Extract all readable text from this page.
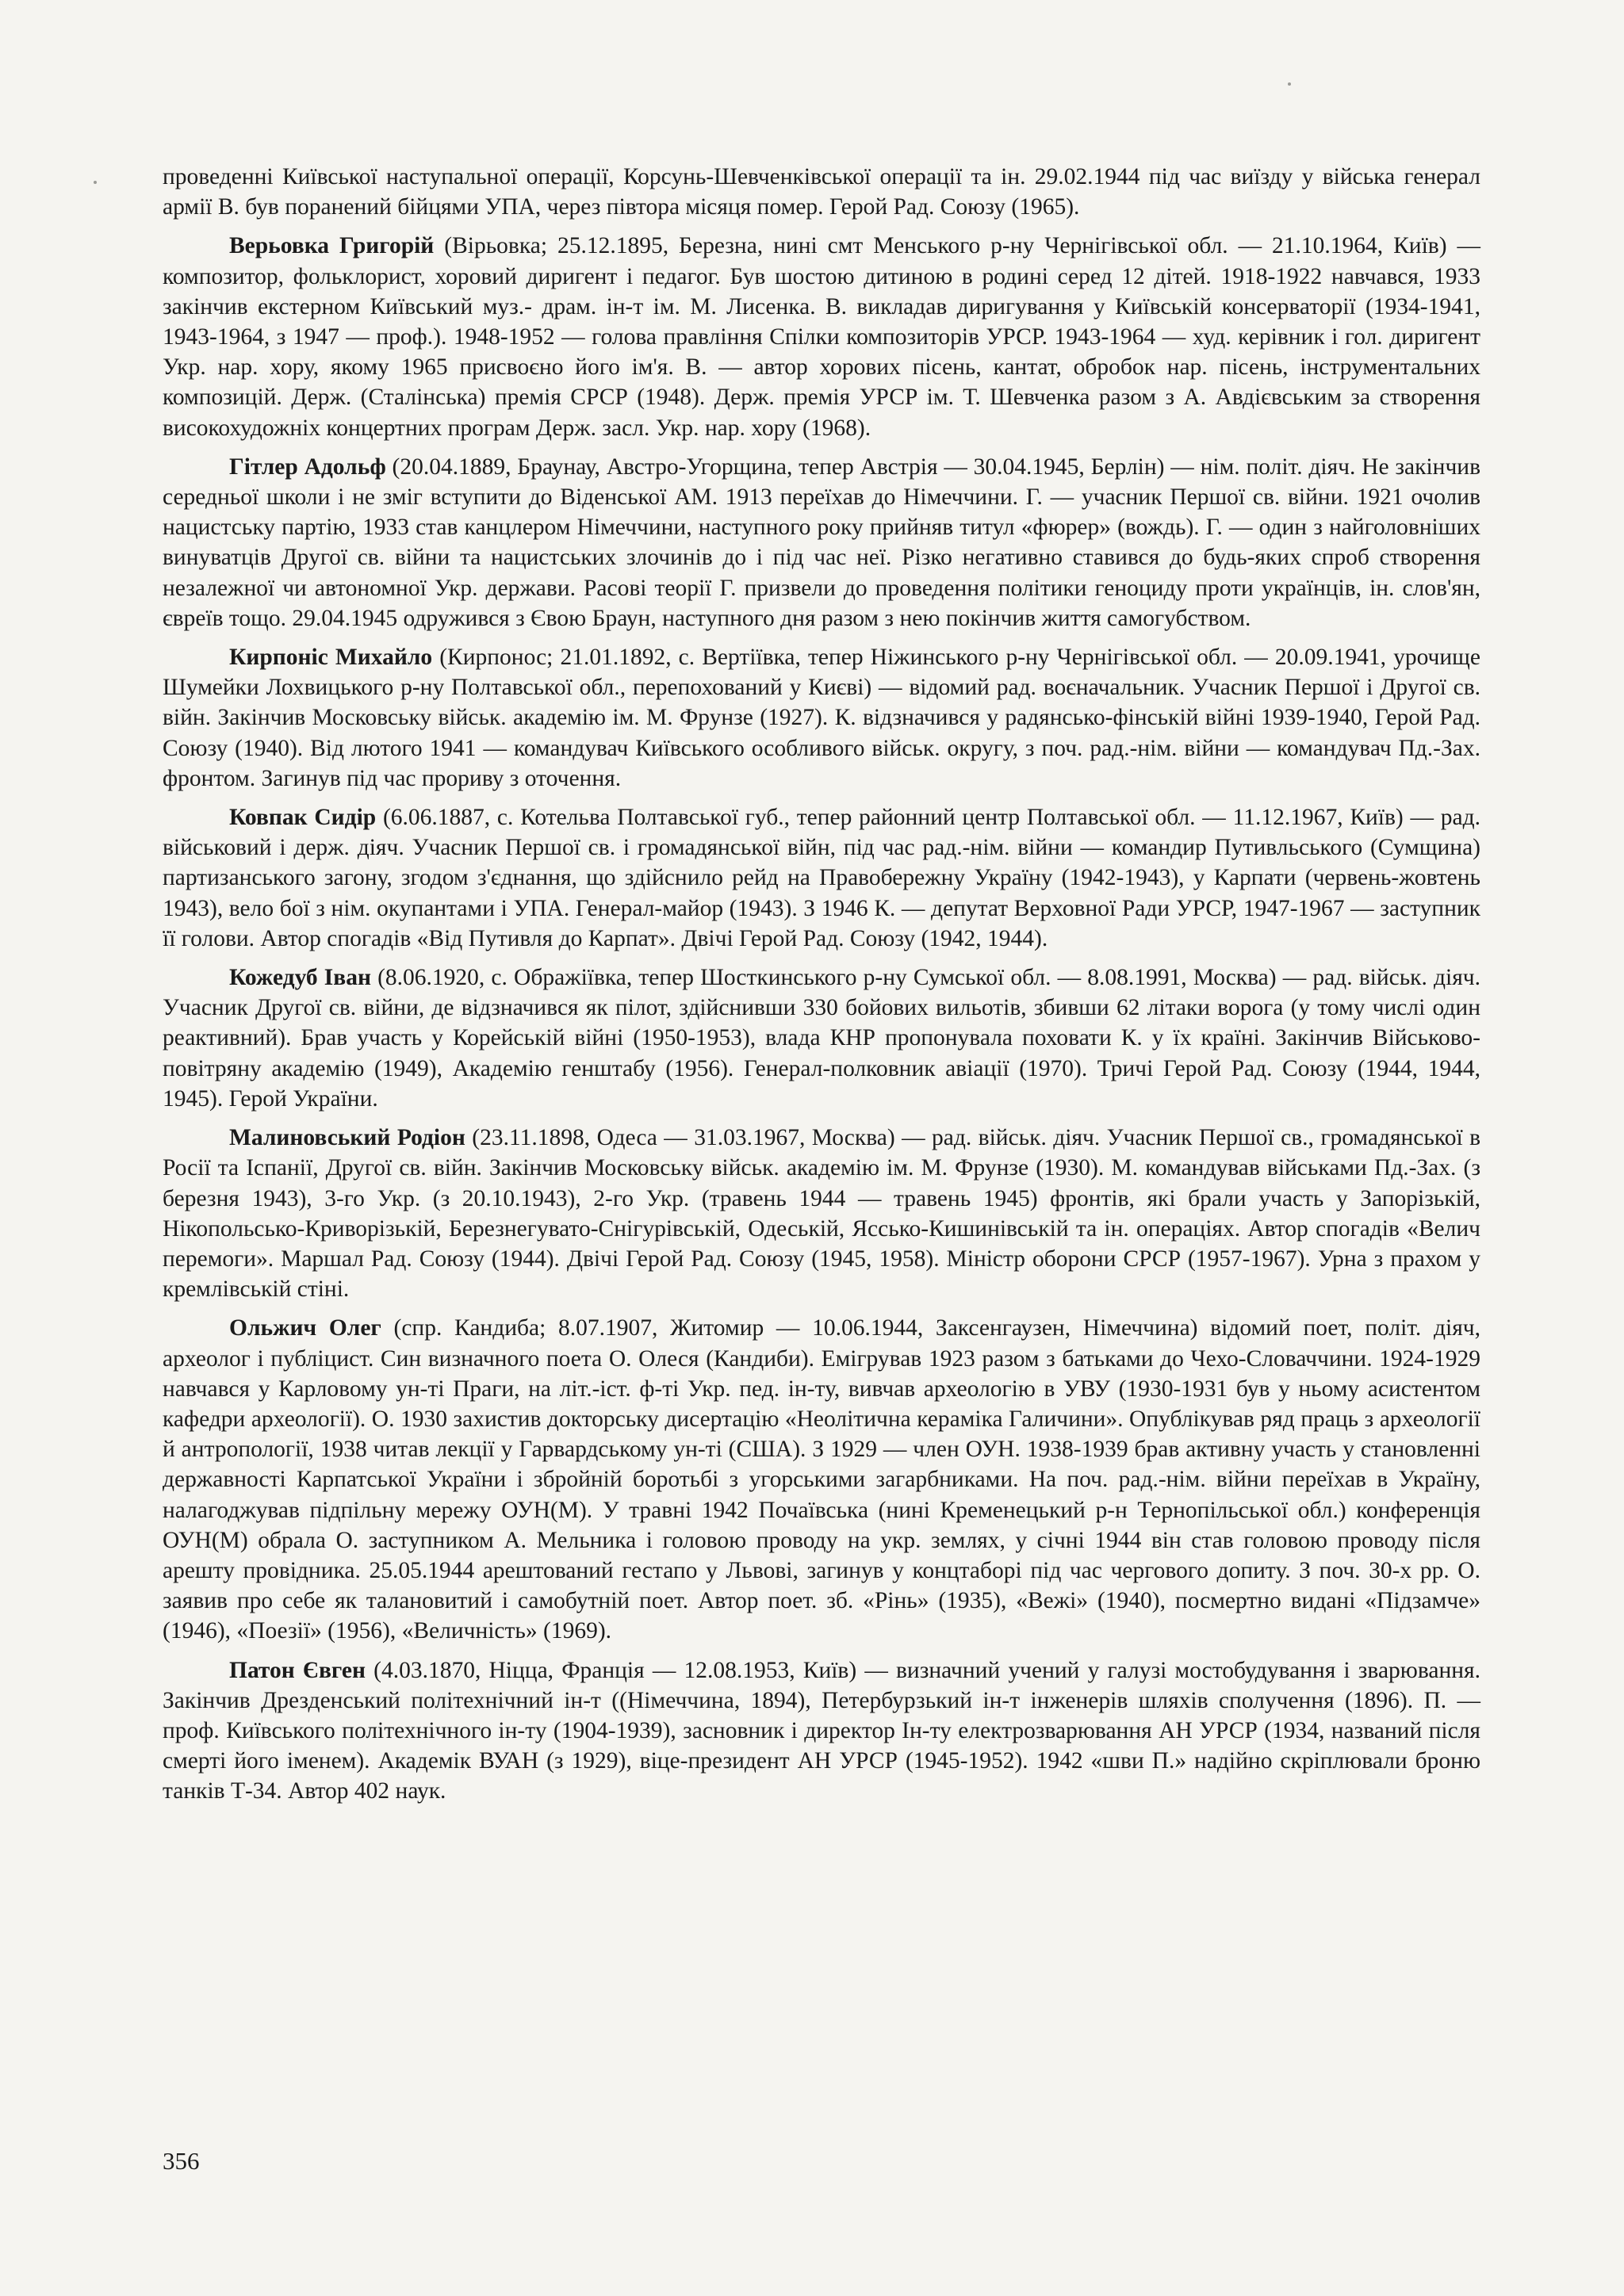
проведенні Київської наступальної операції, Корсунь-Шевченківської операції та ін. 29.02.1944 під час виїзду у війська генерал армії В. був поранений бійцями УПА, через півтора місяця помер. Герой Рад. Союзу (1965).

Верьовка Григорій (Вірьовка; 25.12.1895, Березна, нині смт Менського р-ну Чернігівської обл. — 21.10.1964, Київ) — композитор, фольклорист, хоровий диригент і педагог. Був шостою дитиною в родині серед 12 дітей. 1918-1922 навчався, 1933 закінчив екстерном Київський муз.- драм. ін-т ім. М. Лисенка. В. викладав диригування у Київській консерваторії (1934-1941, 1943-1964, з 1947 — проф.). 1948-1952 — голова правління Спілки композиторів УРСР. 1943-1964 — худ. керівник і гол. диригент Укр. нар. хору, якому 1965 присвоєно його ім'я. В. — автор хорових пісень, кантат, обробок нар. пісень, інструментальних композицій. Держ. (Сталінська) премія СРСР (1948). Держ. премія УРСР ім. Т. Шевченка разом з А. Авдієвським за створення високохудожніх концертних програм Держ. засл. Укр. нар. хору (1968).

Гітлер Адольф (20.04.1889, Браунау, Австро-Угорщина, тепер Австрія — 30.04.1945, Берлін) — нім. політ. діяч. Не закінчив середньої школи і не зміг вступити до Віденської АМ. 1913 переїхав до Німеччини. Г. — учасник Першої св. війни. 1921 очолив нацистську партію, 1933 став канцлером Німеччини, наступного року прийняв титул «фюрер» (вождь). Г. — один з найголовніших винуватців Другої св. війни та нацистських злочинів до і під час неї. Різко негативно ставився до будь-яких спроб створення незалежної чи автономної Укр. держави. Расові теорії Г. призвели до проведення політики геноциду проти українців, ін. слов'ян, євреїв тощо. 29.04.1945 одружився з Євою Браун, наступного дня разом з нею покінчив життя самогубством.

Кирпоніс Михайло (Кирпонос; 21.01.1892, с. Вертіївка, тепер Ніжинського р-ну Чернігівської обл. — 20.09.1941, урочище Шумейки Лохвицького р-ну Полтавської обл., перепохований у Києві) — відомий рад. воєначальник. Учасник Першої і Другої св. війн. Закінчив Московську військ. академію ім. М. Фрунзе (1927). К. відзначився у радянсько-фінській війні 1939-1940, Герой Рад. Союзу (1940). Від лютого 1941 — командувач Київського особливого військ. округу, з поч. рад.-нім. війни — командувач Пд.-Зах. фронтом. Загинув під час прориву з оточення.

Ковпак Сидір (6.06.1887, с. Котельва Полтавської губ., тепер районний центр Полтавської обл. — 11.12.1967, Київ) — рад. військовий і держ. діяч. Учасник Першої св. і громадянської війн, під час рад.-нім. війни — командир Путивльського (Сумщина) партизанського загону, згодом з'єднання, що здійснило рейд на Правобережну Україну (1942-1943), у Карпати (червень-жовтень 1943), вело бої з нім. окупантами і УПА. Генерал-майор (1943). З 1946 К. — депутат Верховної Ради УРСР, 1947-1967 — заступник її голови. Автор спогадів «Від Путивля до Карпат». Двічі Герой Рад. Союзу (1942, 1944).

Кожедуб Іван (8.06.1920, с. Ображіївка, тепер Шосткинського р-ну Сумської обл. — 8.08.1991, Москва) — рад. військ. діяч. Учасник Другої св. війни, де відзначився як пілот, здійснивши 330 бойових вильотів, збивши 62 літаки ворога (у тому числі один реактивний). Брав участь у Корейській війні (1950-1953), влада КНР пропонувала поховати К. у їх країні. Закінчив Військово-повітряну академію (1949), Академію генштабу (1956). Генерал-полковник авіації (1970). Тричі Герой Рад. Союзу (1944, 1944, 1945). Герой України.

Малиновський Родіон (23.11.1898, Одеса — 31.03.1967, Москва) — рад. військ. діяч. Учасник Першої св., громадянської в Росії та Іспанії, Другої св. війн. Закінчив Московську військ. академію ім. М. Фрунзе (1930). М. командував військами Пд.-Зах. (з березня 1943), 3-го Укр. (з 20.10.1943), 2-го Укр. (травень 1944 — травень 1945) фронтів, які брали участь у Запорізькій, Нікопольсько-Криворізькій, Березнегувато-Снігурівській, Одеській, Яссько-Кишинівській та ін. операціях. Автор спогадів «Велич перемоги». Маршал Рад. Союзу (1944). Двічі Герой Рад. Союзу (1945, 1958). Міністр оборони СРСР (1957-1967). Урна з прахом у кремлівській стіні.

Ольжич Олег (спр. Кандиба; 8.07.1907, Житомир — 10.06.1944, Заксенгаузен, Німеччина) відомий поет, політ. діяч, археолог і публіцист. Син визначного поета О. Олеся (Кандиби). Емігрував 1923 разом з батьками до Чехо-Словаччини. 1924-1929 навчався у Карловому ун-ті Праги, на літ.-іст. ф-ті Укр. пед. ін-ту, вивчав археологію в УВУ (1930-1931 був у ньому асистентом кафедри археології). О. 1930 захистив докторську дисертацію «Неолітична кераміка Галичини». Опублікував ряд праць з археології й антропології, 1938 читав лекції у Гарвардському ун-ті (США). З 1929 — член ОУН. 1938-1939 брав активну участь у становленні державності Карпатської України і збройній боротьбі з угорськими загарбниками. На поч. рад.-нім. війни переїхав в Україну, налагоджував підпільну мережу ОУН(М). У травні 1942 Почаївська (нині Кременецький р-н Тернопільської обл.) конференція ОУН(М) обрала О. заступником А. Мельника і головою проводу на укр. землях, у січні 1944 він став головою проводу після арешту провідника. 25.05.1944 арештований гестапо у Львові, загинув у концтаборі під час чергового допиту. З поч. 30-х рр. О. заявив про себе як талановитий і самобутній поет. Автор поет. зб. «Рінь» (1935), «Вежі» (1940), посмертно видані «Підзамче» (1946), «Поезії» (1956), «Величність» (1969).

Патон Євген (4.03.1870, Ніцца, Франція — 12.08.1953, Київ) — визначний учений у галузі мостобудування і зварювання. Закінчив Дрезденський політехнічний ін-т ((Німеччина, 1894), Петербурзький ін-т інженерів шляхів сполучення (1896). П. — проф. Київського політехнічного ін-ту (1904-1939), засновник і директор Ін-ту електрозварювання АН УРСР (1934, названий після смерті його іменем). Академік ВУАН (з 1929), віце-президент АН УРСР (1945-1952). 1942 «шви П.» надійно скріплювали броню танків Т-34. Автор 402 наук.

356
